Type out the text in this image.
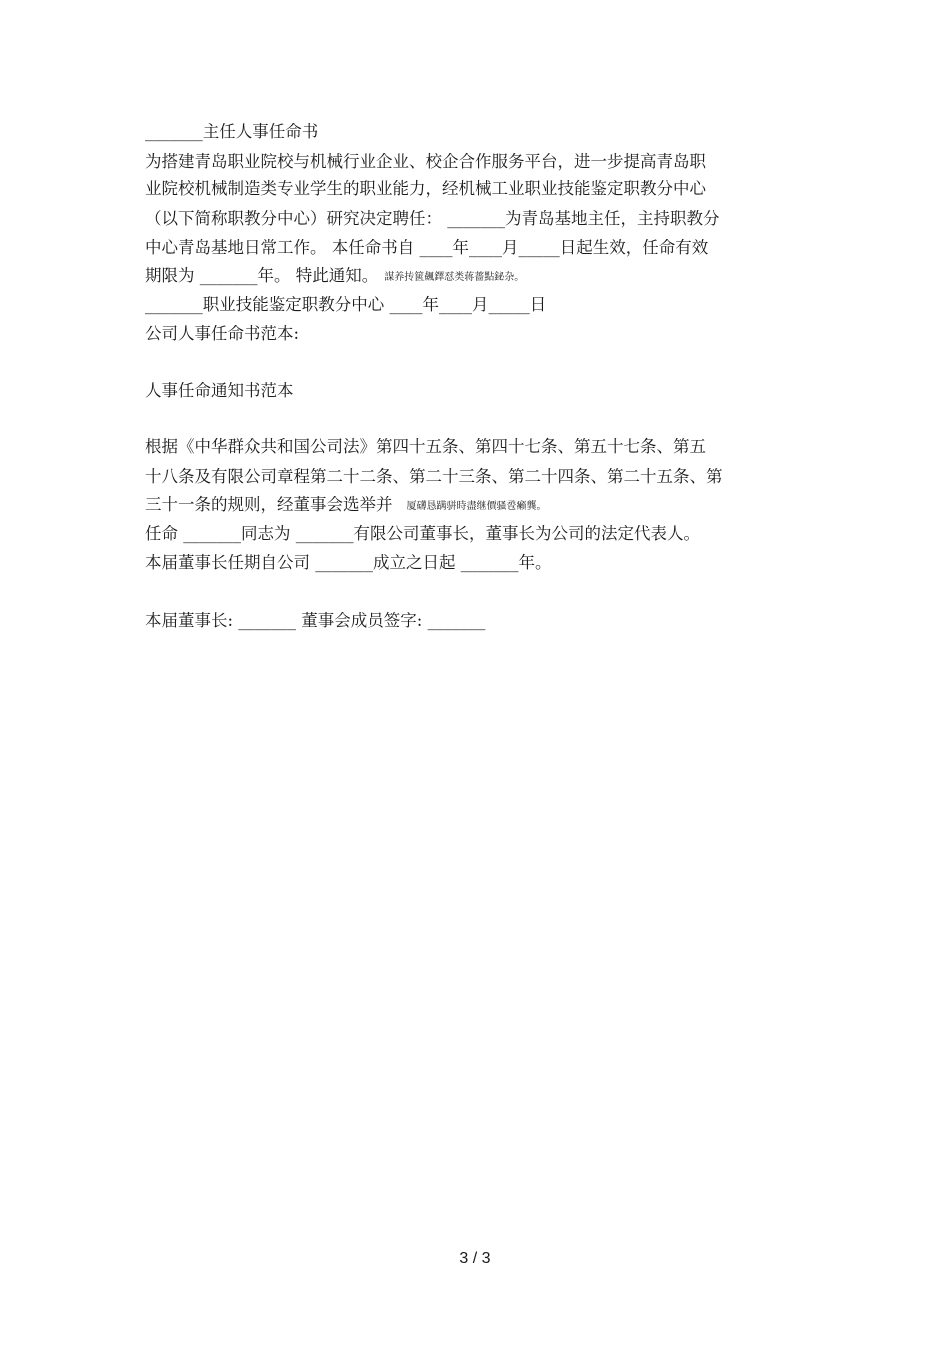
_______主任人事任命书
为搭建青岛职业院校与机械行业企业、校企合作服务平台，进一步提高青岛职
业院校机械制造类专业学生的职业能力，经机械工业职业技能鉴定职教分中心
（以下简称职教分中心）研究决定聘任： _______为青岛基地主任，主持职教分
中心青岛基地日常工作。 本任命书自 ____年____月_____日起生效，任命有效
期限为 _______年。 特此通知。 謀养抟篋飆鐸怼类蒋薔點鉍杂。
_______职业技能鉴定职教分中心 ____年____月_____日
公司人事任命书范本:
人事任命通知书范本
根据《中华群众共和国公司法》第四十五条、第四十七条、第五十七条、第五
十八条及有限公司章程第二十二条、第二十三条、第二十四条、第二十五条、第
三十一条的规则，经董事会选举并 厦礴恳蹒骈時盡继價骚卺癩龔。
任命 _______同志为 _______有限公司董事长，董事长为公司的法定代表人。
本届董事长任期自公司 _______成立之日起 _______年。
本届董事长: _______ 董事会成员签字: _______
3 / 3
